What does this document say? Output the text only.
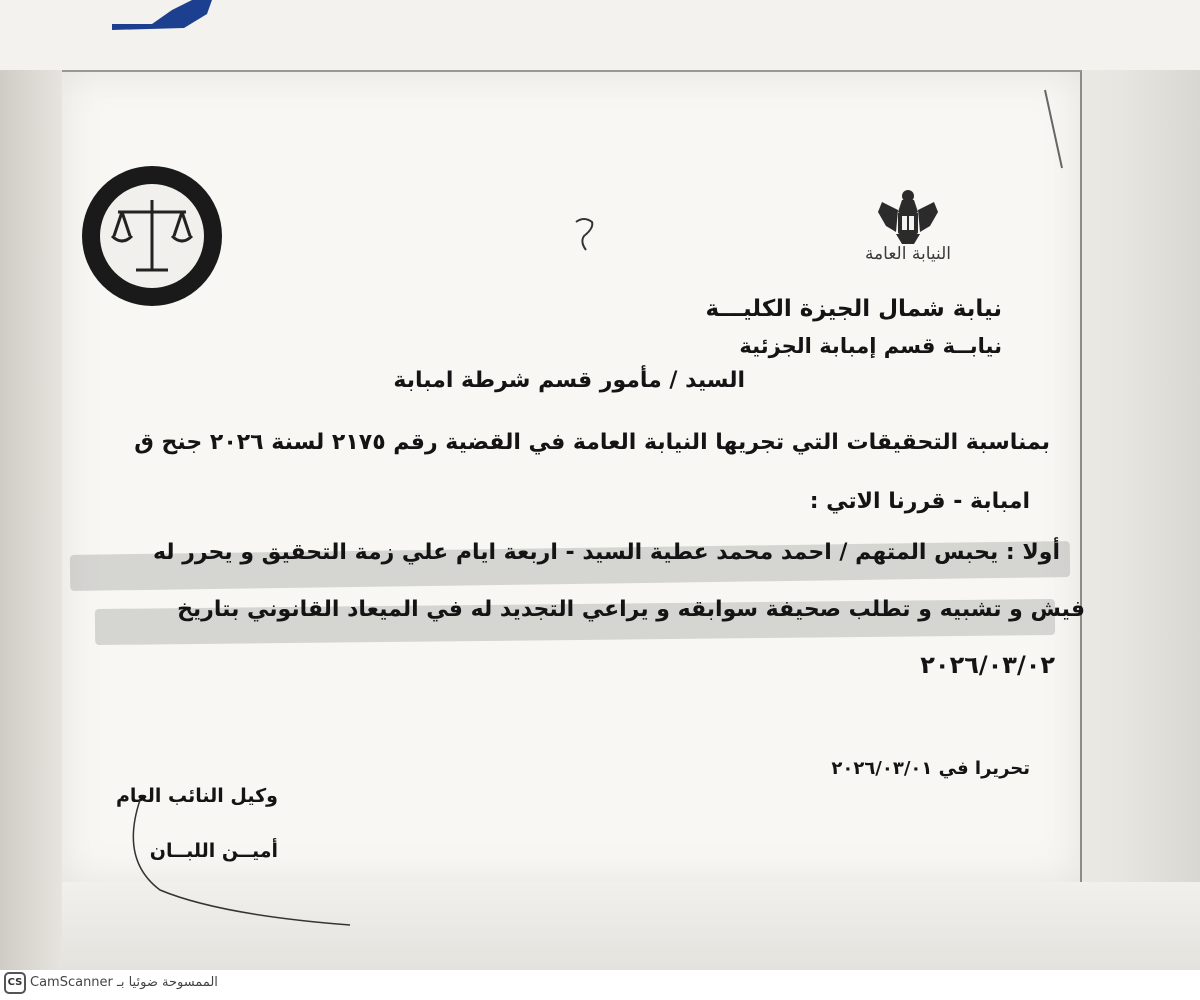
النيابة العامة
نيابة شمال الجيزة الكليـــة
نيابــة قسم إمبابة الجزئية
السيد / مأمور قسم شرطة امبابة
بمناسبة التحقيقات التي تجريها النيابة العامة في القضية رقم ٢١٧٥ لسنة ٢٠٢٦ جنح ق
امبابة - قررنا الاتي :
أولا : يحبس المتهم / احمد محمد عطية السيد - اربعة ايام علي زمة التحقيق و يحرر له
فيش و تشبيه و تطلب صحيفة سوابقه و يراعي التجديد له في الميعاد القانوني بتاريخ
٢٠٢٦/٠٣/٠٢
تحريرا في ٢٠٢٦/٠٣/٠١
وكيل النائب العام
أميــن اللبــان
CS الممسوحة ضوئيا بـ CamScanner
